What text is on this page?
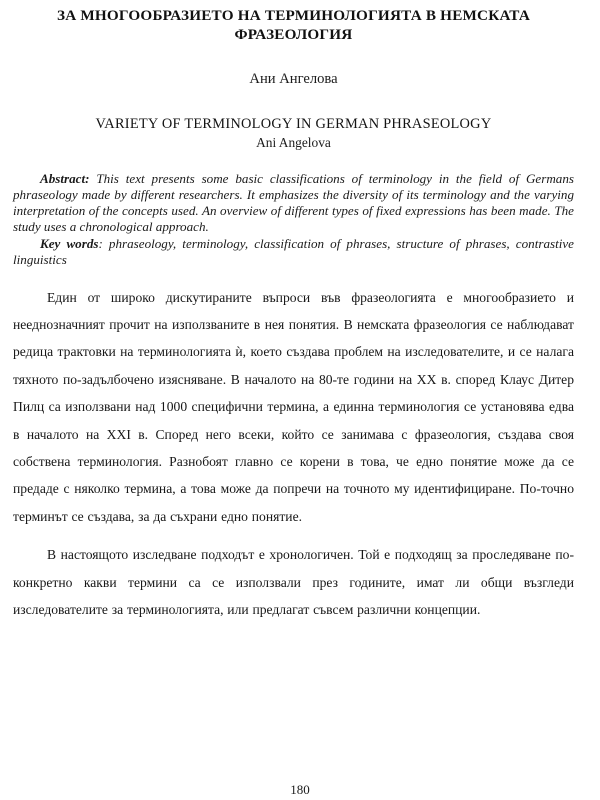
ЗА МНОГООБРАЗИЕТО НА ТЕРМИНОЛОГИЯТА В НЕМСКАТА
ФРАЗЕОЛОГИЯ
Ани Ангелова
VARIETY OF TERMINOLOGY IN GERMAN PHRASEOLOGY
Ani Angelova

Abstract: This text presents some basic classifications of terminology in the field of Germans phraseology made by different researchers. It emphasizes the diversity of its terminology and the varying interpretation of the concepts used. An overview of different types of fixed expressions has been made. The study uses a chronological approach.

Key words: phraseology, terminology, classification of phrases, structure of phrases, contrastive linguistics

Един от широко дискутираните въпроси във фразеологията е многообразието и нееднозначният прочит на използваните в нея понятия. В немската фразеология се наблюдават редица трактовки на терминологията ѝ, което създава проблем на изследователите, и се налага тяхното по-задълбочено изясняване. В началото на 80-те години на ХХ в. според Клаус Дитер Пилц са използвани над 1000 специфични термина, а единна терминология се установява едва в началото на XXI в. Според него всеки, който се занимава с фразеология, създава своя собствена терминология. Разнобоят главно се корени в това, че едно понятие може да се предаде с няколко термина, а това може да попречи на точното му идентифициране. По-точно терминът се създава, за да съхрани едно понятие.

В настоящото изследване подходът е хронологичен. Той е подходящ за проследяване по-конкретно какви термини са се използвали през годините, имат ли общи възгледи изследователите за терминологията, или предлагат съвсем различни концепции.

180
